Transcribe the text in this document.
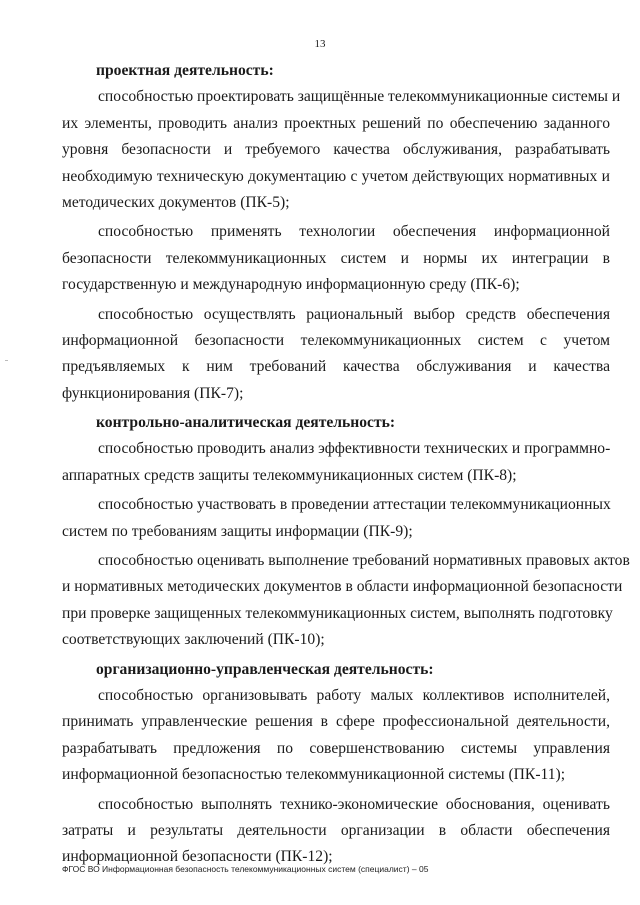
13
проектная деятельность:
способностью проектировать защищённые телекоммуникационные системы и
их элементы, проводить анализ проектных решений по обеспечению заданного
уровня безопасности и требуемого качества обслуживания, разрабатывать
необходимую техническую документацию с учетом действующих нормативных и
методических документов (ПК-5);
способностью применять технологии обеспечения информационной
безопасности телекоммуникационных систем и нормы их интеграции в
государственную и международную информационную среду (ПК-6);
способностью осуществлять рациональный выбор средств обеспечения
информационной безопасности телекоммуникационных систем с учетом
предъявляемых к ним требований качества обслуживания и качества
функционирования (ПК-7);
контрольно-аналитическая деятельность:
способностью проводить анализ эффективности технических и программно-
аппаратных средств защиты телекоммуникационных систем (ПК-8);
способностью участвовать в проведении аттестации телекоммуникационных
систем по требованиям защиты информации (ПК-9);
способностью оценивать выполнение требований нормативных правовых актов
и нормативных методических документов в области информационной безопасности
при проверке защищенных телекоммуникационных систем, выполнять подготовку
соответствующих заключений (ПК-10);
организационно-управленческая деятельность:
способностью организовывать работу малых коллективов исполнителей,
принимать управленческие решения в сфере профессиональной деятельности,
разрабатывать предложения по совершенствованию системы управления
информационной безопасностью телекоммуникационной системы (ПК-11);
способностью выполнять технико-экономические обоснования, оценивать
затраты и результаты деятельности организации в области обеспечения
информационной безопасности (ПК-12);
ФГОС ВО Информационная безопасность телекоммуникационных систем (специалист) – 05
